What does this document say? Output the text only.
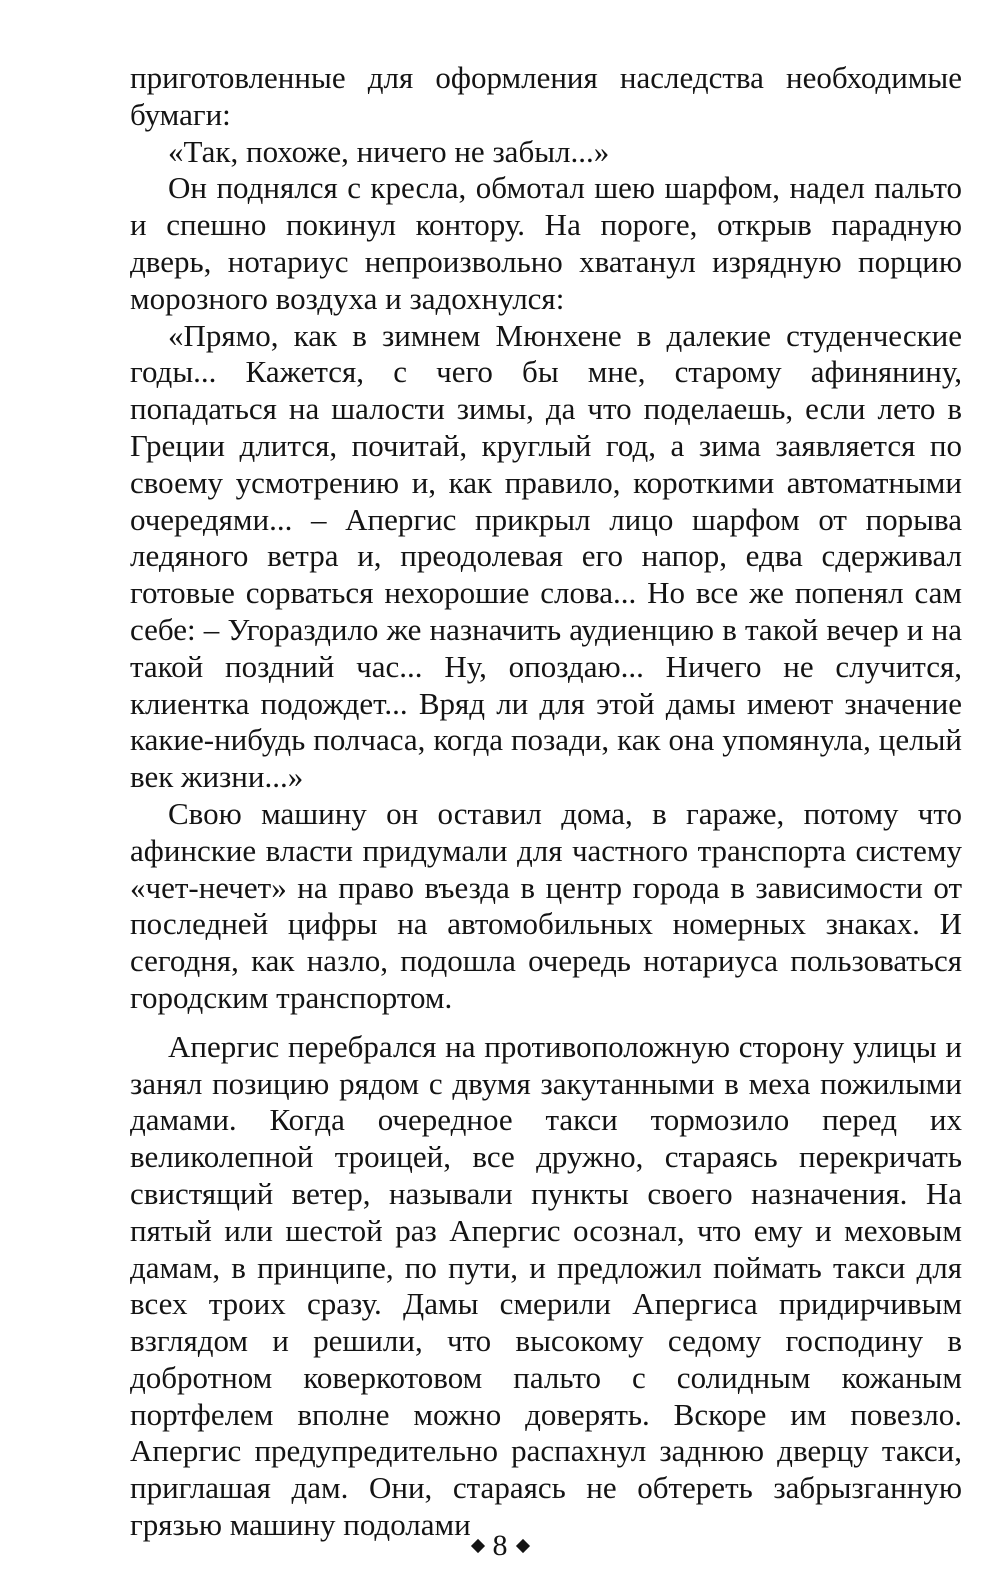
приготовленные для оформления наследства необходимые бумаги:

«Так, похоже, ничего не забыл...»

Он поднялся с кресла, обмотал шею шарфом, надел пальто и спешно покинул контору. На пороге, открыв парадную дверь, нотариус непроизвольно хватанул изрядную порцию морозного воздуха и задохнулся:

«Прямо, как в зимнем Мюнхене в далекие студенческие годы... Кажется, с чего бы мне, старому афинянину, попадаться на шалости зимы, да что поделаешь, если лето в Греции длится, почитай, круглый год, а зима заявляется по своему усмотрению и, как правило, короткими автоматными очередями... – Апергис прикрыл лицо шарфом от порыва ледяного ветра и, преодолевая его напор, едва сдерживал готовые сорваться нехорошие слова... Но все же попенял сам себе: – Угораздило же назначить аудиенцию в такой вечер и на такой поздний час... Ну, опоздаю... Ничего не случится, клиентка подождет... Вряд ли для этой дамы имеют значение какие-нибудь полчаса, когда позади, как она упомянула, целый век жизни...»

Свою машину он оставил дома, в гараже, потому что афинские власти придумали для частного транспорта систему «чет-нечет» на право въезда в центр города в зависимости от последней цифры на автомобильных номерных знаках. И сегодня, как назло, подошла очередь нотариуса пользоваться городским транспортом.

Апергис перебрался на противоположную сторону улицы и занял позицию рядом с двумя закутанными в меха пожилыми дамами. Когда очередное такси тормозило перед их великолепной троицей, все дружно, стараясь перекричать свистящий ветер, называли пункты своего назначения. На пятый или шестой раз Апергис осознал, что ему и меховым дамам, в принципе, по пути, и предложил поймать такси для всех троих сразу. Дамы смерили Апергиса придирчивым взглядом и решили, что высокому седому господину в добротном коверкотовом пальто с солидным кожаным портфелем вполне можно доверять. Вскоре им повезло. Апергис предупредительно распахнул заднюю дверцу такси, приглашая дам. Они, стараясь не обтереть забрызганную грязью машину подолами

8
